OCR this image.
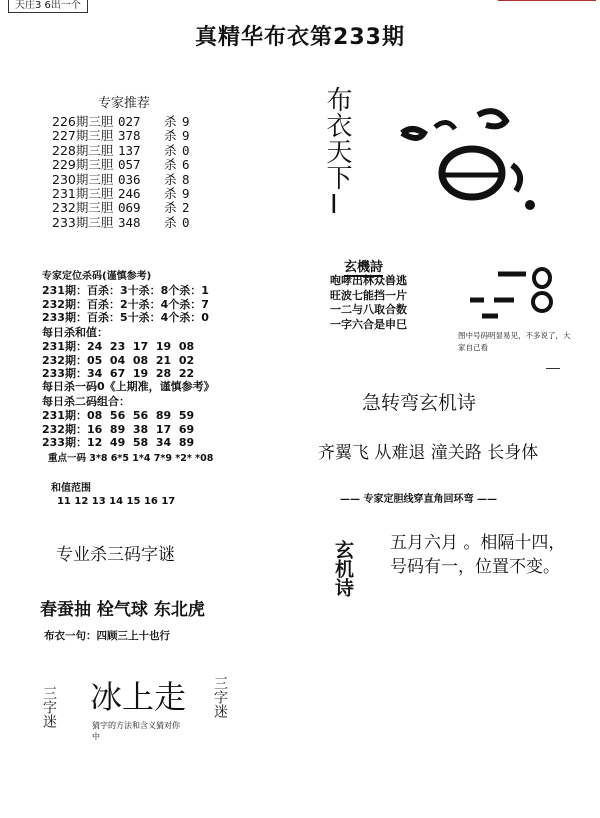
天庄3 6出一个
真精华布衣第233期
专家推荐
226期三胆 027	杀 9
227期三胆 378	杀 9
228期三胆 137	杀 0
229期三胆 057	杀 6
230期三胆 036	杀 8
231期三胆 246	杀 9
232期三胆 069	杀 2
233期三胆 348	杀 0
专家定位杀码(谨慎参考)
231期：百杀：3十杀：8个杀：1
232期：百杀：2十杀：4个杀：7
233期：百杀：5十杀：4个杀：0
每日杀和值：
231期：24  23  17  19  08
232期：05  04  08  21  02
233期：34  67  19  28  22
每日杀一码0《上期准，谨慎参考》
每日杀二码组合：
231期：08  56  56  89  59
232期：16  89  38  17  69
233期：12  49  58  34  89
重点一码 3*8 6*5 1*4 7*9 *2* *08

和值范围
11 12 13 14 15 16 17

专业杀三码字谜
春蚕抽 栓气球 东北虎
布衣一句：四顾三上十也行
三字迷 冰上走 三字迷
猜字的方法和含义猜对你中
布衣天下
I
玄機詩
咆哮出林众兽逃
旺波七能挡一片
一二与八取合数
一字六合是申巳
图中号码明显易见，不多说了，大家自己看
急转弯玄机诗
齐翼飞 从难退 潼关路 长身体
—— 专家定胆线穿直角回环弯 ——
玄机诗 五月六月 。相隔十四，
号码有一，位置不变。
